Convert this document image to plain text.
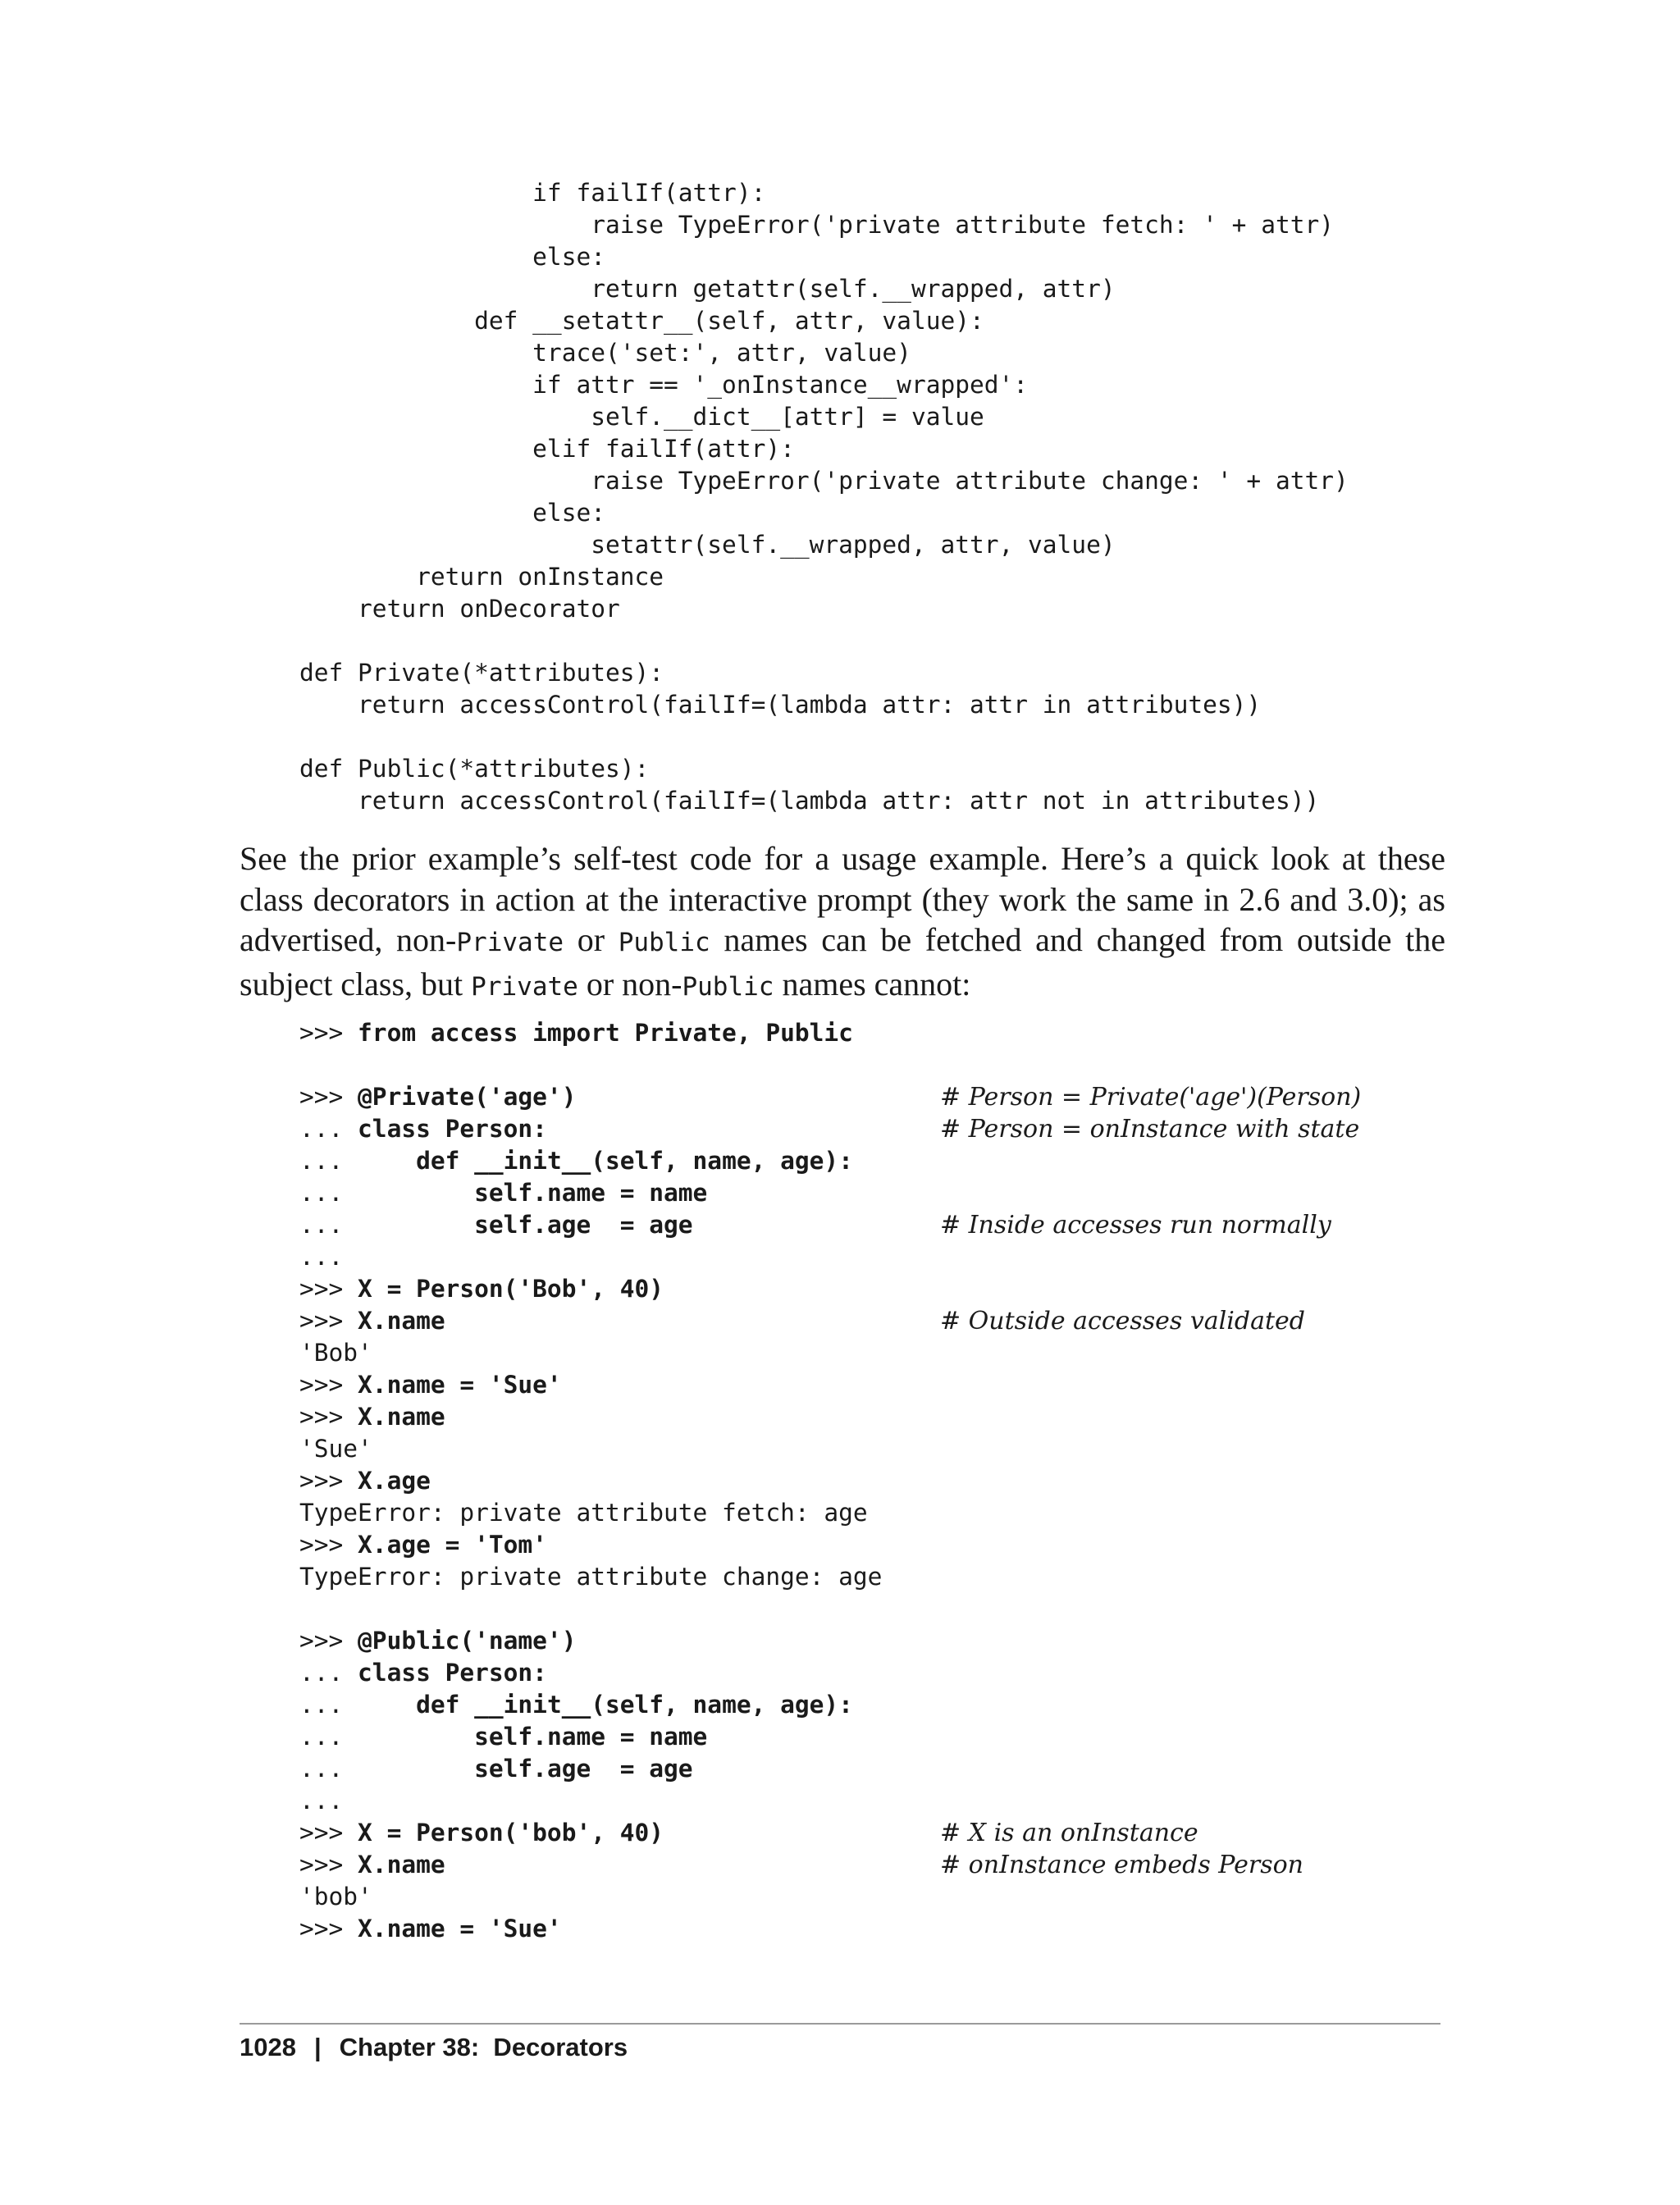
if failIf(attr):
raise TypeError('private attribute fetch: ' + attr)
else:
return getattr(self.__wrapped, attr)
def __setattr__(self, attr, value):
trace('set:', attr, value)
if attr == '_onInstance__wrapped':
self.__dict__[attr] = value
elif failIf(attr):
raise TypeError('private attribute change: ' + attr)
else:
setattr(self.__wrapped, attr, value)
return onInstance
return onDecorator
def Private(*attributes):
return accessControl(failIf=(lambda attr: attr in attributes))
def Public(*attributes):
return accessControl(failIf=(lambda attr: attr not in attributes))

See the prior example’s self-test code for a usage example. Here’s a quick look at these class decorators in action at the interactive prompt (they work the same in 2.6 and 3.0); as advertised, non-Private or Public names can be fetched and changed from outside the subject class, but Private or non-Public names cannot:

>>> from access import Private, Public
>>> @Private('age')	# Person = Private('age')(Person)
... class Person:	# Person = onInstance with state
...     def __init__(self, name, age):
...         self.name = name
...         self.age  = age	# Inside accesses run normally
...
>>> X = Person('Bob', 40)
>>> X.name	# Outside accesses validated
'Bob'
>>> X.name = 'Sue'
>>> X.name
'Sue'
>>> X.age
TypeError: private attribute fetch: age
>>> X.age = 'Tom'
TypeError: private attribute change: age
>>> @Public('name')
... class Person:
...     def __init__(self, name, age):
...         self.name = name
...         self.age  = age
...
>>> X = Person('bob', 40)	# X is an onInstance
>>> X.name	# onInstance embeds Person
'bob'
>>> X.name = 'Sue'
1028 | Chapter 38:  Decorators
